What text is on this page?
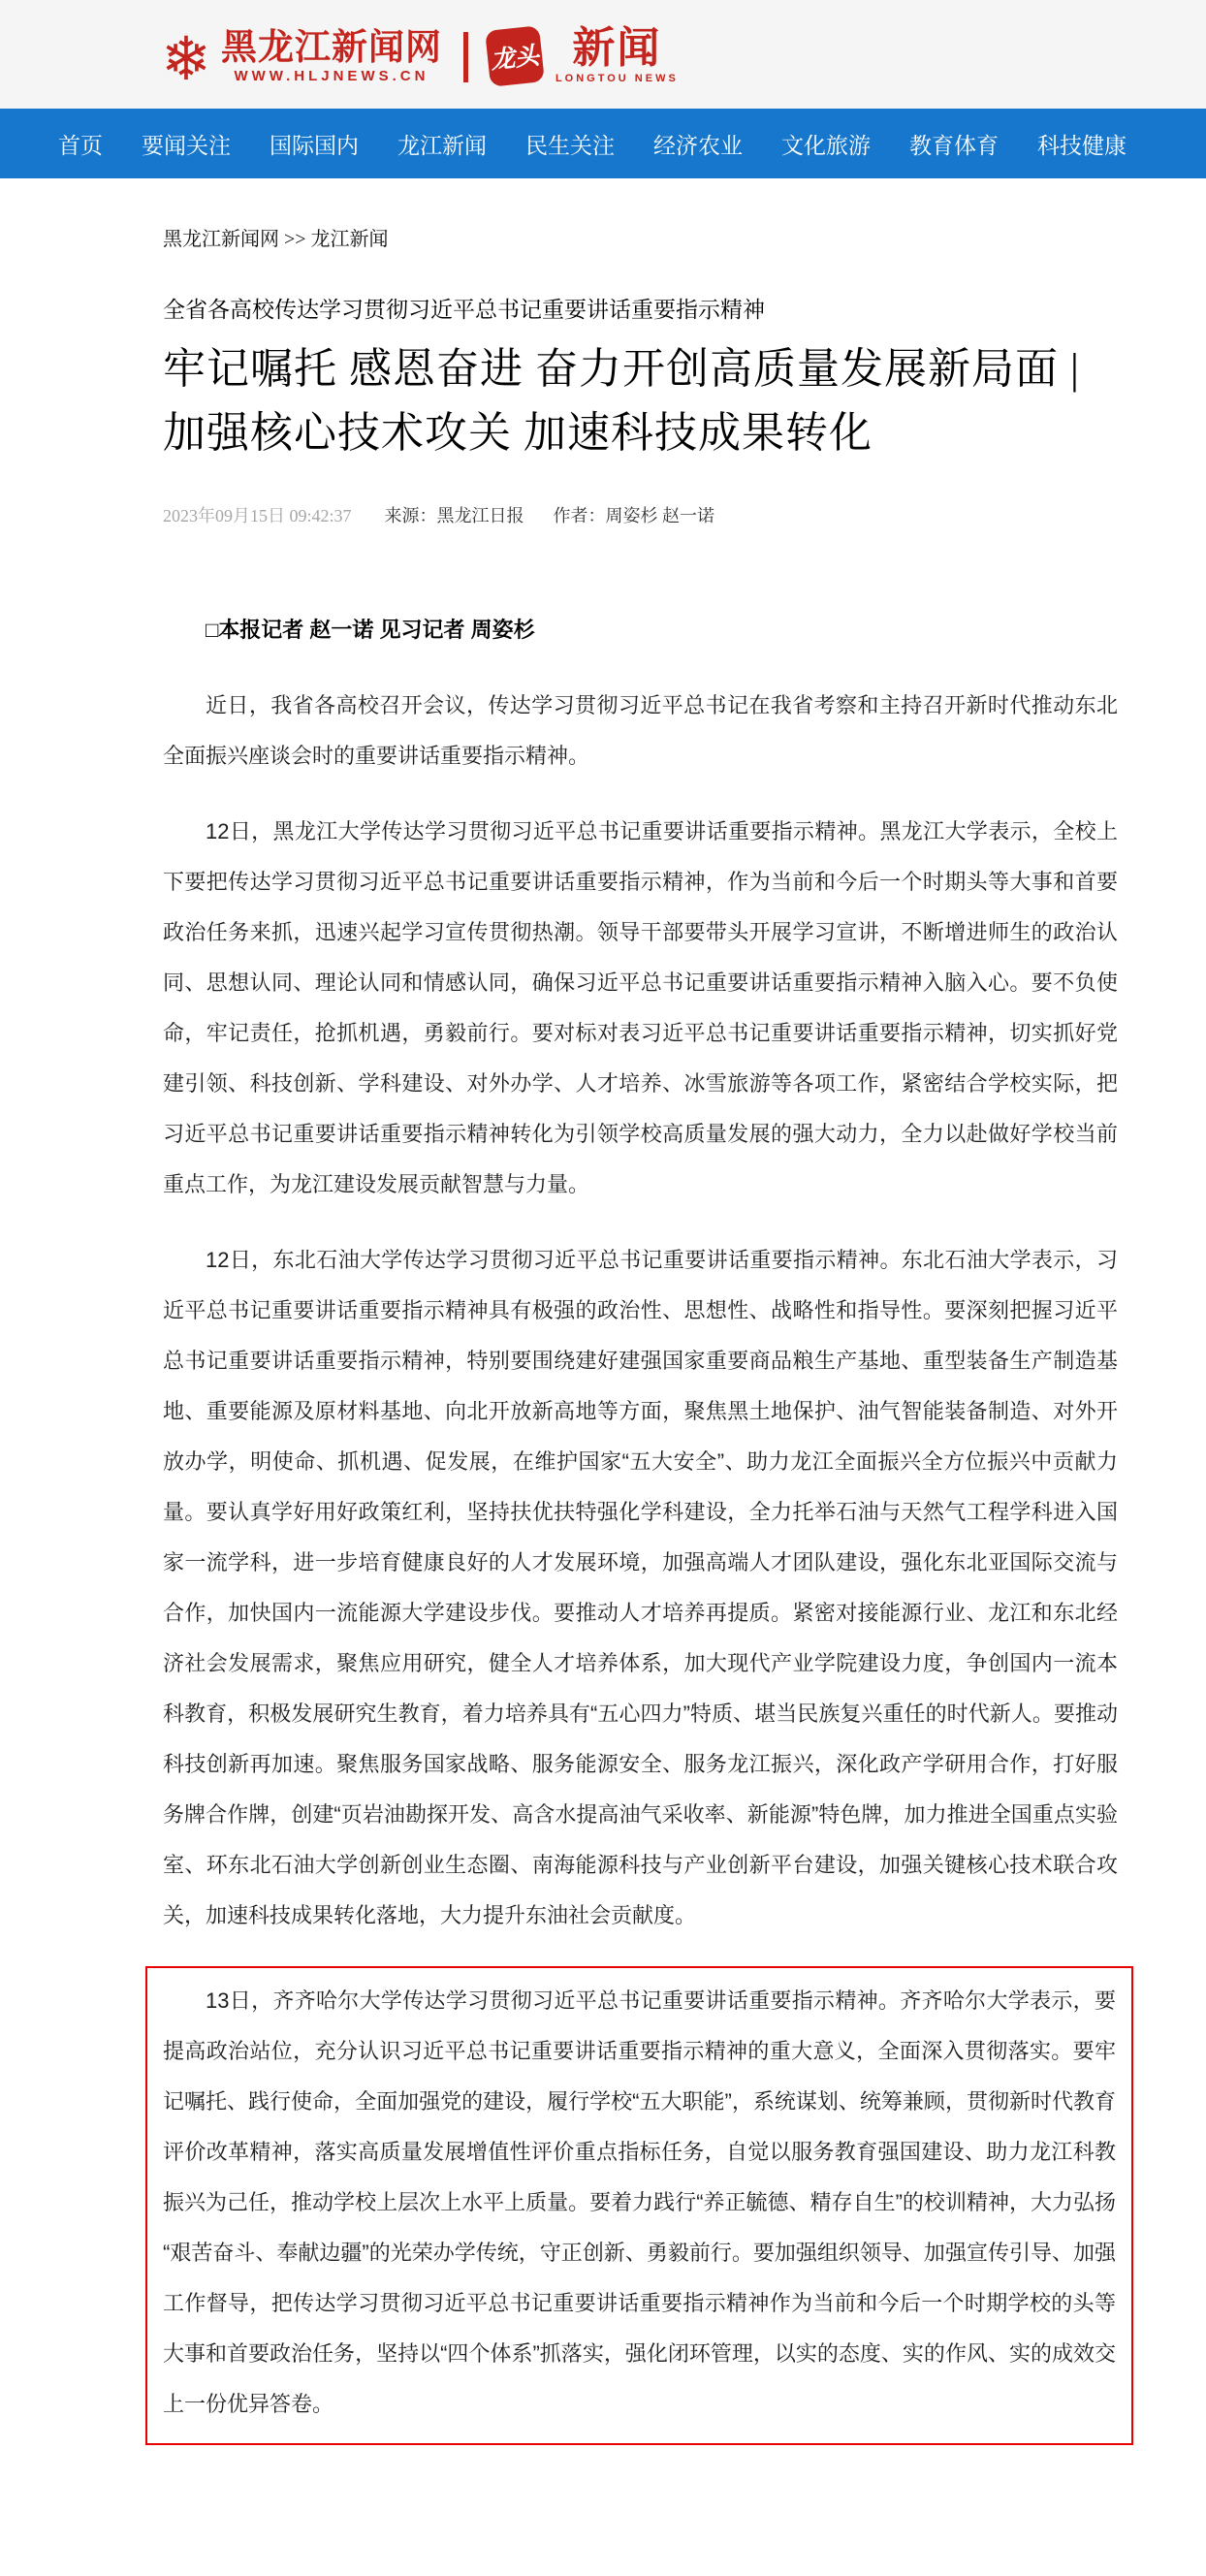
❄ 黑龙江新闻网
WWW.HLJNEWS.CN
龙头 新闻
LONGTOU NEWS
首页 要闻关注 国际国内 龙江新闻 民生关注 经济农业 文化旅游 教育体育 科技健康
黑龙江新闻网 >> 龙江新闻
全省各高校传达学习贯彻习近平总书记重要讲话重要指示精神
牢记嘱托 感恩奋进 奋力开创高质量发展新局面 |加强核心技术攻关 加速科技成果转化
2023年09月15日 09:42:37 来源：黑龙江日报 作者：周姿杉 赵一诺

□本报记者 赵一诺 见习记者 周姿杉

近日，我省各高校召开会议，传达学习贯彻习近平总书记在我省考察和主持召开新时代推动东北全面振兴座谈会时的重要讲话重要指示精神。

12日，黑龙江大学传达学习贯彻习近平总书记重要讲话重要指示精神。黑龙江大学表示，全校上下要把传达学习贯彻习近平总书记重要讲话重要指示精神，作为当前和今后一个时期头等大事和首要政治任务来抓，迅速兴起学习宣传贯彻热潮。领导干部要带头开展学习宣讲，不断增进师生的政治认同、思想认同、理论认同和情感认同，确保习近平总书记重要讲话重要指示精神入脑入心。要不负使命，牢记责任，抢抓机遇，勇毅前行。要对标对表习近平总书记重要讲话重要指示精神，切实抓好党建引领、科技创新、学科建设、对外办学、人才培养、冰雪旅游等各项工作，紧密结合学校实际，把习近平总书记重要讲话重要指示精神转化为引领学校高质量发展的强大动力，全力以赴做好学校当前重点工作，为龙江建设发展贡献智慧与力量。

12日，东北石油大学传达学习贯彻习近平总书记重要讲话重要指示精神。东北石油大学表示，习近平总书记重要讲话重要指示精神具有极强的政治性、思想性、战略性和指导性。要深刻把握习近平总书记重要讲话重要指示精神，特别要围绕建好建强国家重要商品粮生产基地、重型装备生产制造基地、重要能源及原材料基地、向北开放新高地等方面，聚焦黑土地保护、油气智能装备制造、对外开放办学，明使命、抓机遇、促发展，在维护国家“五大安全”、助力龙江全面振兴全方位振兴中贡献力量。要认真学好用好政策红利，坚持扶优扶特强化学科建设，全力托举石油与天然气工程学科进入国家一流学科，进一步培育健康良好的人才发展环境，加强高端人才团队建设，强化东北亚国际交流与合作，加快国内一流能源大学建设步伐。要推动人才培养再提质。紧密对接能源行业、龙江和东北经济社会发展需求，聚焦应用研究，健全人才培养体系，加大现代产业学院建设力度，争创国内一流本科教育，积极发展研究生教育，着力培养具有“五心四力”特质、堪当民族复兴重任的时代新人。要推动科技创新再加速。聚焦服务国家战略、服务能源安全、服务龙江振兴，深化政产学研用合作，打好服务牌合作牌，创建“页岩油勘探开发、高含水提高油气采收率、新能源”特色牌，加力推进全国重点实验室、环东北石油大学创新创业生态圈、南海能源科技与产业创新平台建设，加强关键核心技术联合攻关，加速科技成果转化落地，大力提升东油社会贡献度。

13日，齐齐哈尔大学传达学习贯彻习近平总书记重要讲话重要指示精神。齐齐哈尔大学表示，要提高政治站位，充分认识习近平总书记重要讲话重要指示精神的重大意义，全面深入贯彻落实。要牢记嘱托、践行使命，全面加强党的建设，履行学校“五大职能”，系统谋划、统筹兼顾，贯彻新时代教育评价改革精神，落实高质量发展增值性评价重点指标任务，自觉以服务教育强国建设、助力龙江科教振兴为己任，推动学校上层次上水平上质量。要着力践行“养正毓德、精存自生”的校训精神，大力弘扬“艰苦奋斗、奉献边疆”的光荣办学传统，守正创新、勇毅前行。要加强组织领导、加强宣传引导、加强工作督导，把传达学习贯彻习近平总书记重要讲话重要指示精神作为当前和今后一个时期学校的头等大事和首要政治任务，坚持以“四个体系”抓落实，强化闭环管理，以实的态度、实的作风、实的成效交上一份优异答卷。
